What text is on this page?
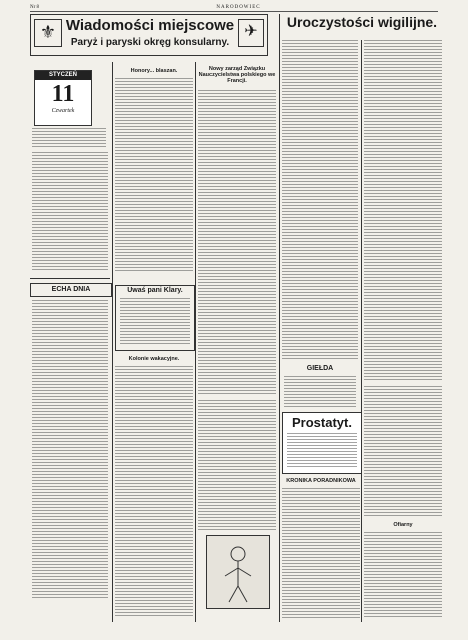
Nr 8	NARODOWIEC
⚜	✈
Wiadomości miejscowe
Paryż i paryski okręg konsularny.
Uroczystości wigilijne.
STYCZEŃ
11
Czwartek
Honory... blaszan.	Nowy zarząd Związku Nauczycielstwa polskiego we Francji.
ECHA DNIA	Uwaś pani Klary.
Kolonie wakacyjne.
GIEŁDA
Prostatyt.
KRONIKA PORADNIKOWA
Ofiarny
